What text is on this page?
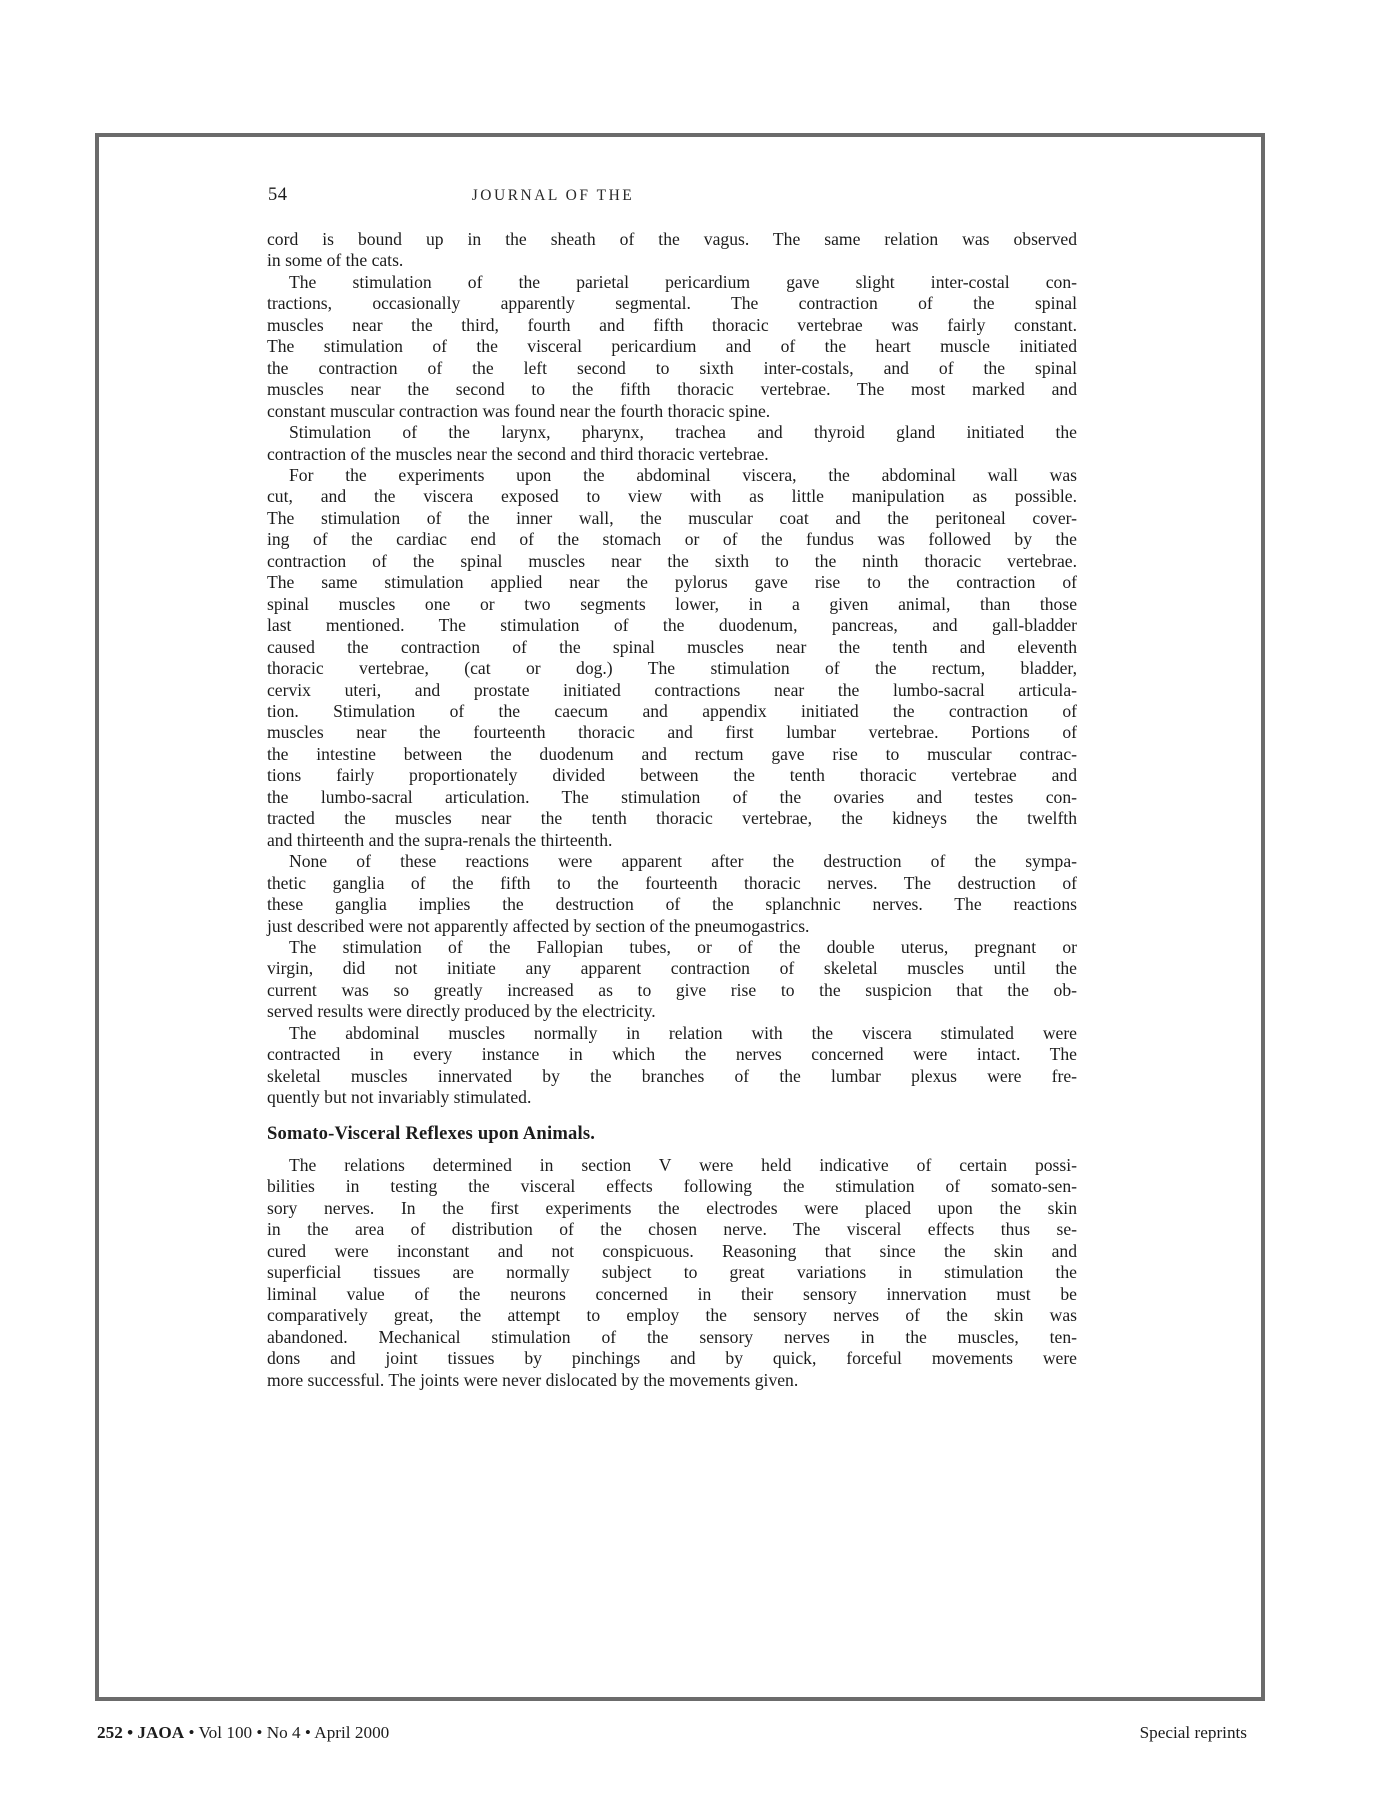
54	JOURNAL OF THE
cord is bound up in the sheath of the vagus. The same relation was observed
in some of the cats.
The stimulation of the parietal pericardium gave slight inter-costal con-
tractions, occasionally apparently segmental. The contraction of the spinal
muscles near the third, fourth and fifth thoracic vertebrae was fairly constant.
The stimulation of the visceral pericardium and of the heart muscle initiated
the contraction of the left second to sixth inter-costals, and of the spinal
muscles near the second to the fifth thoracic vertebrae. The most marked and
constant muscular contraction was found near the fourth thoracic spine.
Stimulation of the larynx, pharynx, trachea and thyroid gland initiated the
contraction of the muscles near the second and third thoracic vertebrae.
For the experiments upon the abdominal viscera, the abdominal wall was
cut, and the viscera exposed to view with as little manipulation as possible.
The stimulation of the inner wall, the muscular coat and the peritoneal cover-
ing of the cardiac end of the stomach or of the fundus was followed by the
contraction of the spinal muscles near the sixth to the ninth thoracic vertebrae.
The same stimulation applied near the pylorus gave rise to the contraction of
spinal muscles one or two segments lower, in a given animal, than those
last mentioned. The stimulation of the duodenum, pancreas, and gall-bladder
caused the contraction of the spinal muscles near the tenth and eleventh
thoracic vertebrae, (cat or dog.) The stimulation of the rectum, bladder,
cervix uteri, and prostate initiated contractions near the lumbo-sacral articula-
tion. Stimulation of the caecum and appendix initiated the contraction of
muscles near the fourteenth thoracic and first lumbar vertebrae. Portions of
the intestine between the duodenum and rectum gave rise to muscular contrac-
tions fairly proportionately divided between the tenth thoracic vertebrae and
the lumbo-sacral articulation. The stimulation of the ovaries and testes con-
tracted the muscles near the tenth thoracic vertebrae, the kidneys the twelfth
and thirteenth and the supra-renals the thirteenth.
None of these reactions were apparent after the destruction of the sympa-
thetic ganglia of the fifth to the fourteenth thoracic nerves. The destruction of
these ganglia implies the destruction of the splanchnic nerves. The reactions
just described were not apparently affected by section of the pneumogastrics.
The stimulation of the Fallopian tubes, or of the double uterus, pregnant or
virgin, did not initiate any apparent contraction of skeletal muscles until the
current was so greatly increased as to give rise to the suspicion that the ob-
served results were directly produced by the electricity.
The abdominal muscles normally in relation with the viscera stimulated were
contracted in every instance in which the nerves concerned were intact. The
skeletal muscles innervated by the branches of the lumbar plexus were fre-
quently but not invariably stimulated.
Somato-Visceral Reflexes upon Animals.
The relations determined in section V were held indicative of certain possi-
bilities in testing the visceral effects following the stimulation of somato-sen-
sory nerves. In the first experiments the electrodes were placed upon the skin
in the area of distribution of the chosen nerve. The visceral effects thus se-
cured were inconstant and not conspicuous. Reasoning that since the skin and
superficial tissues are normally subject to great variations in stimulation the
liminal value of the neurons concerned in their sensory innervation must be
comparatively great, the attempt to employ the sensory nerves of the skin was
abandoned. Mechanical stimulation of the sensory nerves in the muscles, ten-
dons and joint tissues by pinchings and by quick, forceful movements were
more successful. The joints were never dislocated by the movements given.
252 • JAOA • Vol 100 • No 4 • April 2000	Special reprints
